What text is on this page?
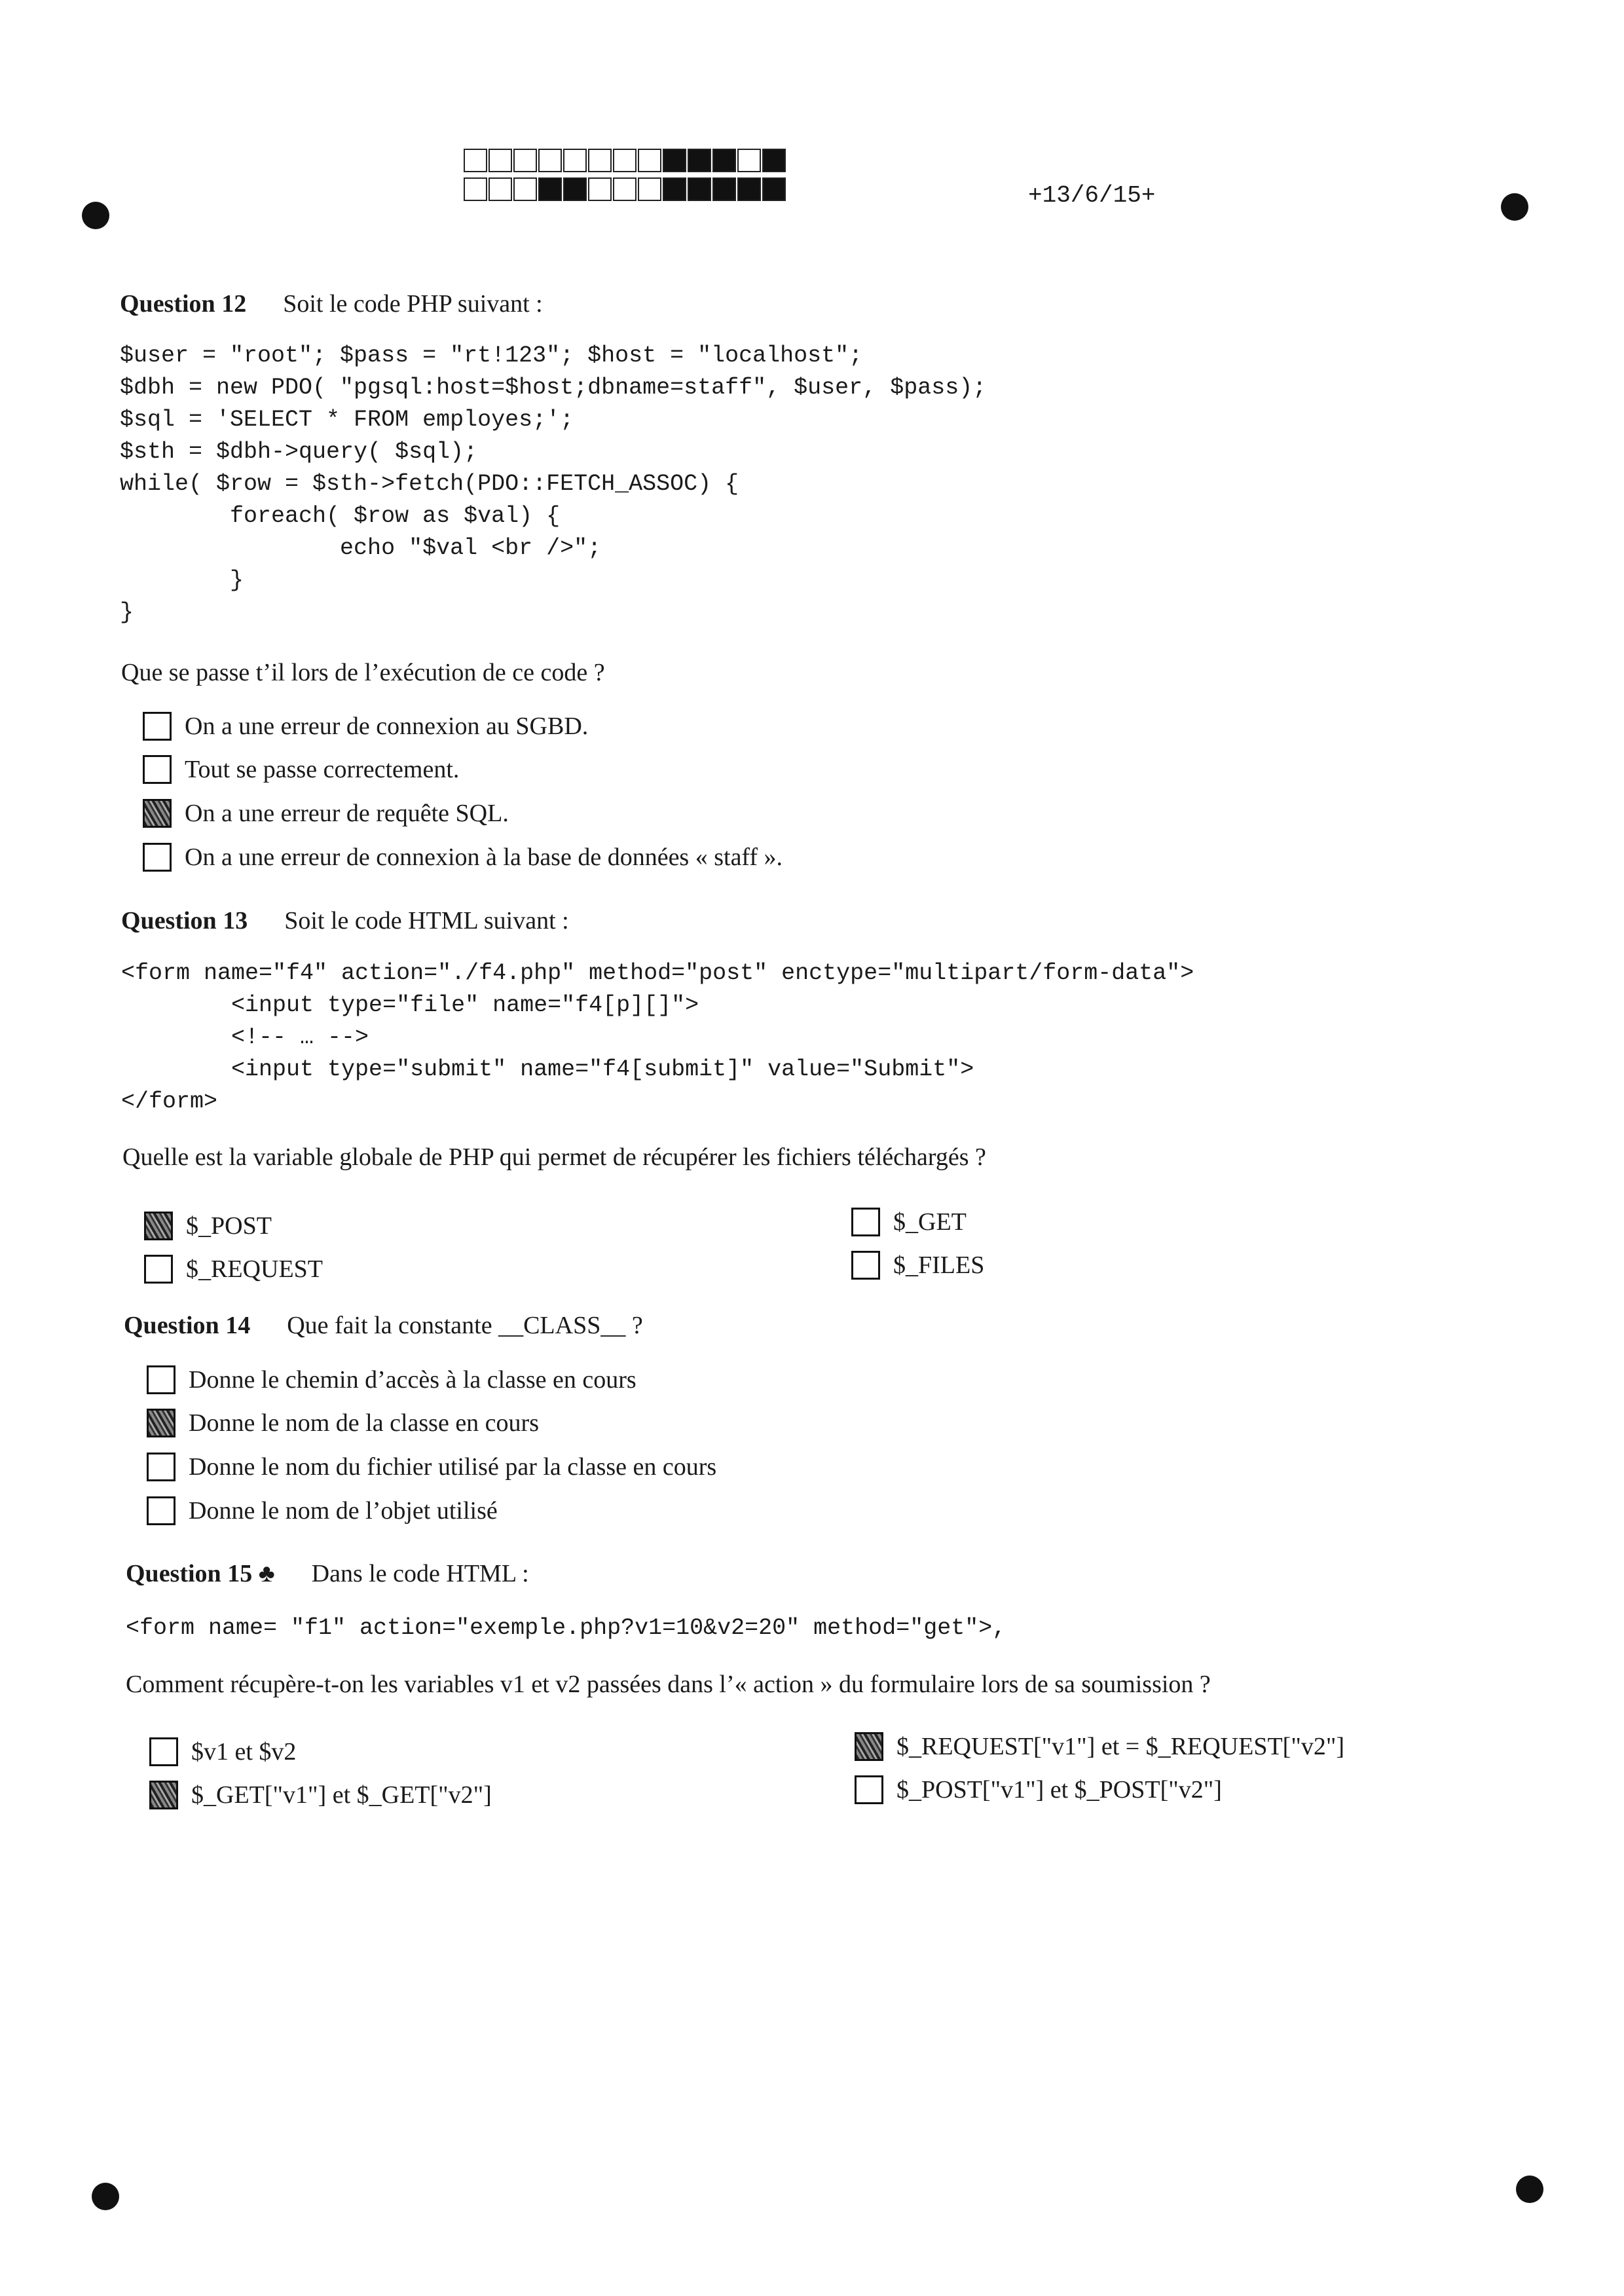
+13/6/15+
Question 12 Soit le code PHP suivant :
$user = "root"; $pass = "rt!123"; $host = "localhost";
$dbh = new PDO( "pgsql:host=$host;dbname=staff", $user, $pass);
$sql = 'SELECT * FROM employes;';
$sth = $dbh->query( $sql);
while( $row = $sth->fetch(PDO::FETCH_ASSOC) {
foreach( $row as $val) {
echo "$val <br />";
}
}
Que se passe t’il lors de l’exécution de ce code ?
On a une erreur de connexion au SGBD.
Tout se passe correctement.
On a une erreur de requête SQL.
On a une erreur de connexion à la base de données « staff ».
Question 13 Soit le code HTML suivant :
<form name="f4" action="./f4.php" method="post" enctype="multipart/form-data">
<input type="file" name="f4[p][]">
<!-- … -->
<input type="submit" name="f4[submit]" value="Submit">
</form>
Quelle est la variable globale de PHP qui permet de récupérer les fichiers téléchargés ?
$_POST
$_REQUEST
$_GET
$_FILES
Question 14 Que fait la constante __CLASS__ ?
Donne le chemin d’accès à la classe en cours
Donne le nom de la classe en cours
Donne le nom du fichier utilisé par la classe en cours
Donne le nom de l’objet utilisé
Question 15 ♣ Dans le code HTML :
<form name= "f1" action="exemple.php?v1=10&v2=20" method="get">,
Comment récupère-t-on les variables v1 et v2 passées dans l’« action » du formulaire lors de sa soumission ?
$v1 et $v2
$_GET["v1"] et $_GET["v2"]
$_REQUEST["v1"] et = $_REQUEST["v2"]
$_POST["v1"] et $_POST["v2"]
